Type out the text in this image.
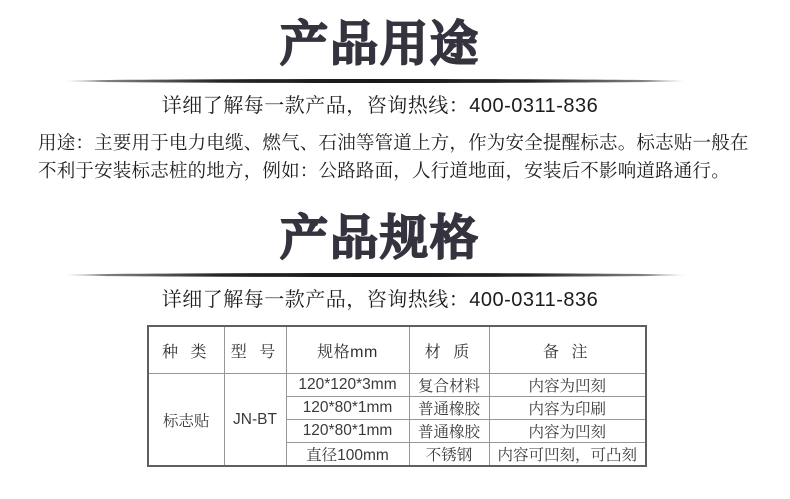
产品用途
详细了解每一款产品，咨询热线：400-0311-836
用途：主要用于电力电缆、燃气、石油等管道上方，作为安全提醒标志。标志贴一般在不利于安装标志桩的地方，例如：公路路面，人行道地面，安装后不影响道路通行。
产品规格
详细了解每一款产品，咨询热线：400-0311-836
种 类	型 号	规格mm	材 质	备 注
标志贴	JN-BT	120*120*3mm	复合材料	内容为凹刻
		120*80*1mm	普通橡胶	内容为印刷
		120*80*1mm	普通橡胶	内容为凹刻
		直径100mm	不锈钢	内容可凹刻，可凸刻
